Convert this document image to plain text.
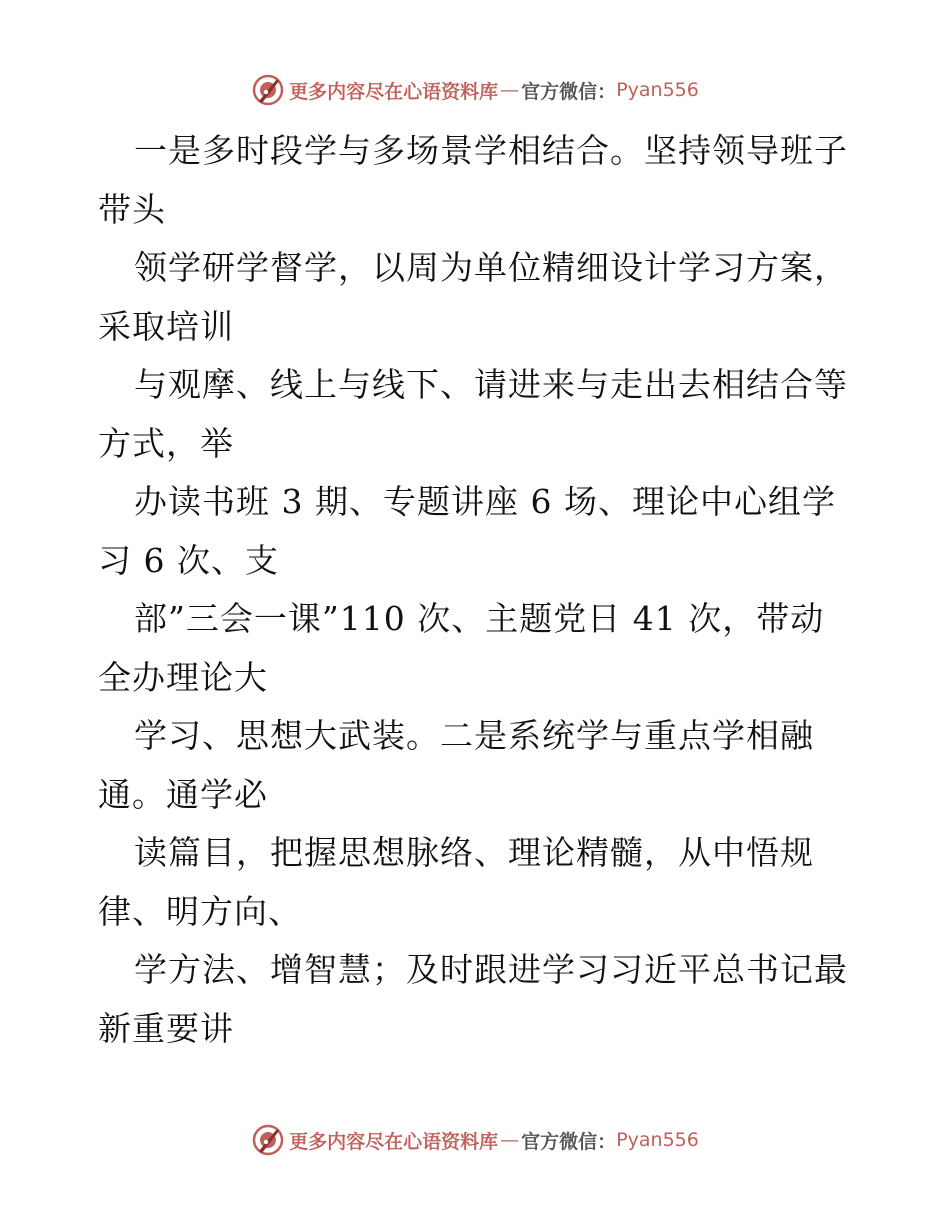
更多内容尽在心语资料库 — 官方微信： Pyan556
一是多时段学与多场景学相结合。坚持领导班子
带头
领学研学督学，以周为单位精细设计学习方案，
采取培训
与观摩、线上与线下、请进来与走出去相结合等
方式，举
办读书班 3 期、专题讲座 6 场、理论中心组学
习 6 次、支
部”三会一课”110 次、主题党日 41 次，带动
全办理论大
学习、思想大武装。二是系统学与重点学相融
通。通学必
读篇目，把握思想脉络、理论精髓，从中悟规
律、明方向、
学方法、增智慧；及时跟进学习习近平总书记最
新重要讲
更多内容尽在心语资料库 — 官方微信： Pyan556
